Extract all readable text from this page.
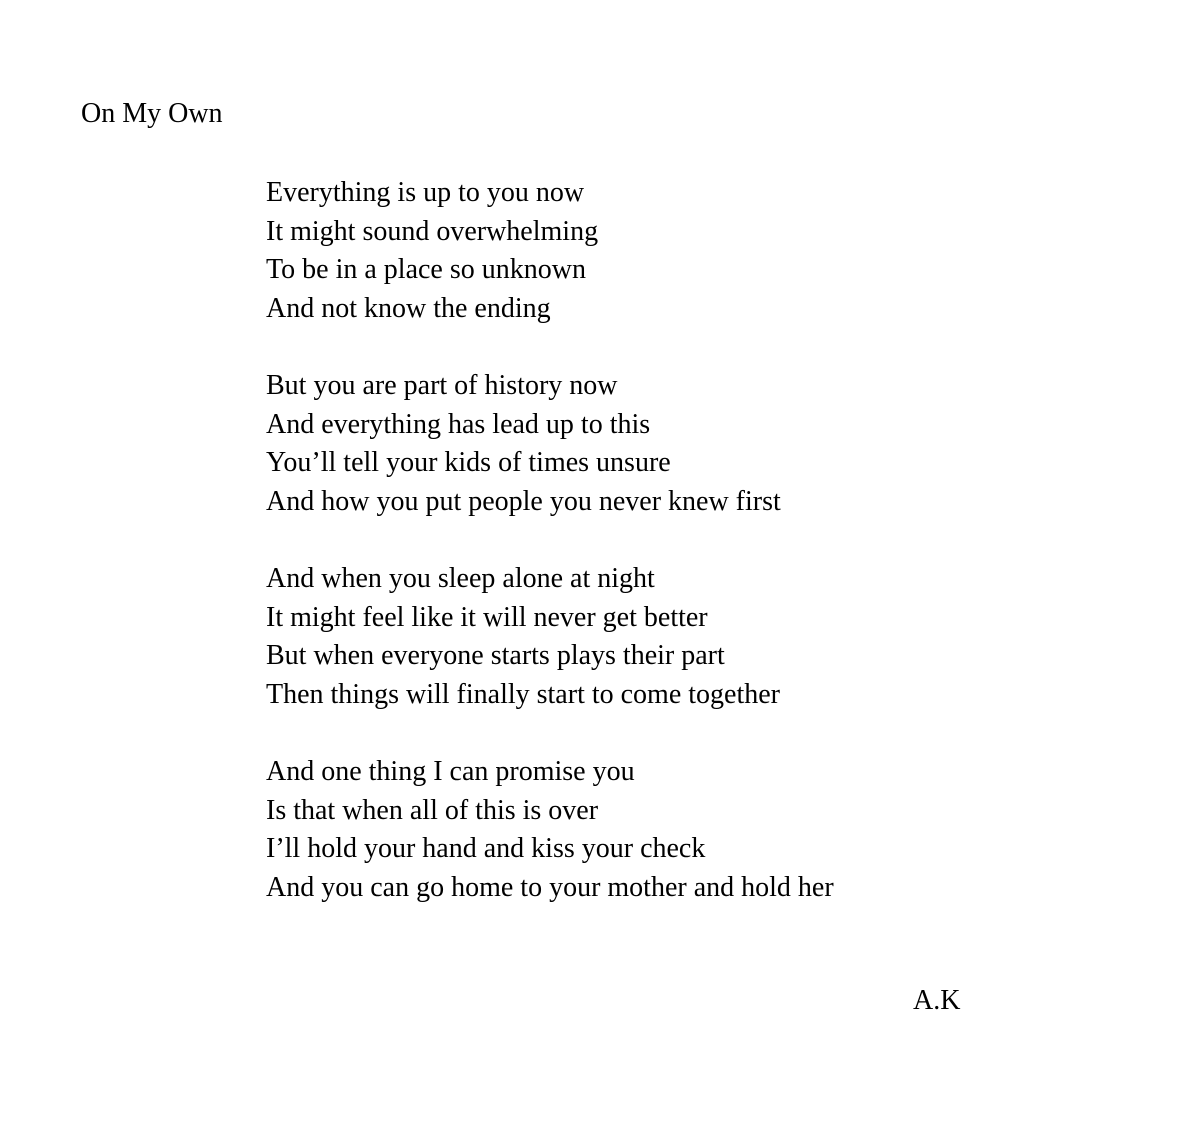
On My Own
Everything is up to you now
It might sound overwhelming
To be in a place so unknown
And not know the ending
But you are part of history now
And everything has lead up to this
You’ll tell your kids of times unsure
And how you put people you never knew first
And when you sleep alone at night
It might feel like it will never get better
But when everyone starts plays their part
Then things will finally start to come together
And one thing I can promise you
Is that when all of this is over
I’ll hold your hand and kiss your check
And you can go home to your mother and hold her
A.K
